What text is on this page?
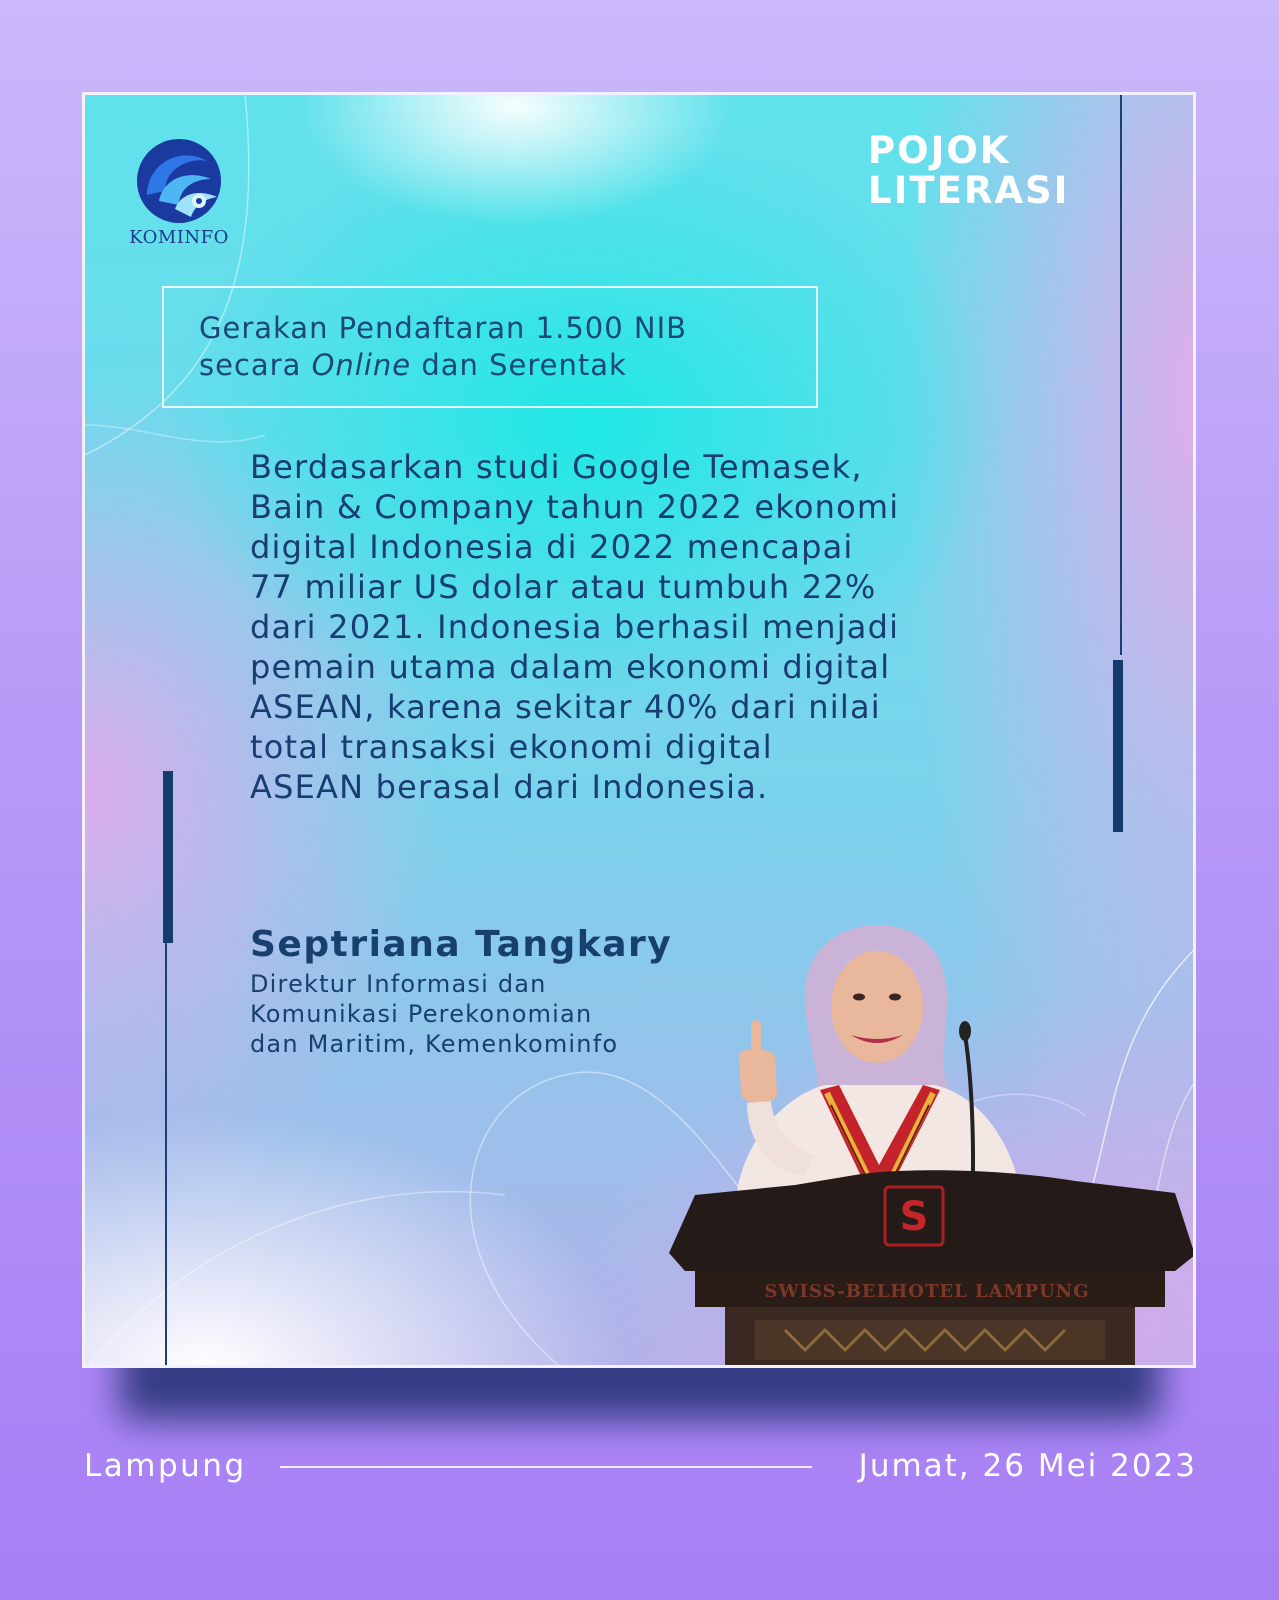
KOMINFO
POJOK
LITERASI
Gerakan Pendaftaran 1.500 NIB
secara Online dan Serentak

Berdasarkan studi Google Temasek,
Bain & Company tahun 2022 ekonomi
digital Indonesia di 2022 mencapai
77 miliar US dolar atau tumbuh 22%
dari 2021. Indonesia berhasil menjadi
pemain utama dalam ekonomi digital
ASEAN, karena sekitar 40% dari nilai
total transaksi ekonomi digital
ASEAN berasal dari Indonesia.

Septriana Tangkary

Direktur Informasi dan
Komunikasi Perekonomian
dan Maritim, Kemenkominfo
SWISS-BELHOTEL LAMPUNG
S
Lampung	Jumat, 26 Mei 2023
